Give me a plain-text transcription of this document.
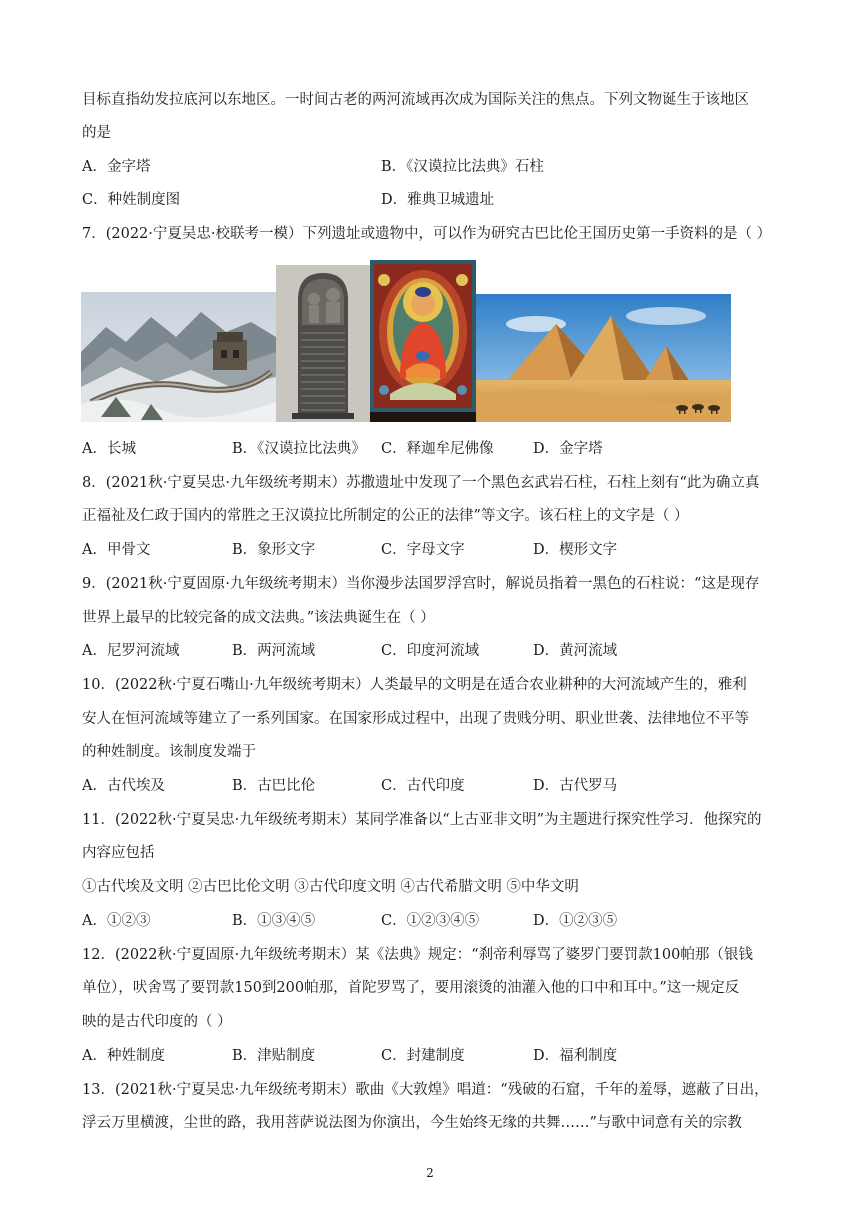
目标直指幼发拉底河以东地区。一时间古老的两河流域再次成为国际关注的焦点。下列文物诞生于该地区
的是
A．金字塔	B．《汉谟拉比法典》石柱
C．种姓制度图	D．雅典卫城遗址
7．(2022·宁夏吴忠·校联考一模）下列遗址或遗物中，可以作为研究古巴比伦王国历史第一手资料的是（ ）
A．长城	B．《汉谟拉比法典》 C．释迦牟尼佛像	D．金字塔
8．(2021秋·宁夏吴忠·九年级统考期末）苏撒遗址中发现了一个黑色玄武岩石柱，石柱上刻有“此为确立真
正福祉及仁政于国内的常胜之王汉谟拉比所制定的公正的法律”等文字。该石柱上的文字是（ ）
A．甲骨文	B．象形文字	C．字母文字	D．楔形文字
9．(2021秋·宁夏固原·九年级统考期末）当你漫步法国罗浮宫时，解说员指着一黑色的石柱说：“这是现存
世界上最早的比较完备的成文法典。”该法典诞生在（ ）
A．尼罗河流域	B．两河流域	C．印度河流域	D．黄河流域
10．(2022秋·宁夏石嘴山·九年级统考期末）人类最早的文明是在适合农业耕种的大河流域产生的，雅利
安人在恒河流域等建立了一系列国家。在国家形成过程中，出现了贵贱分明、职业世袭、法律地位不平等
的种姓制度。该制度发端于
A．古代埃及	B．古巴比伦	C．古代印度	D．古代罗马
11．(2022秋·宁夏吴忠·九年级统考期末）某同学准备以“上古亚非文明”为主题进行探究性学习．他探究的
内容应包括
①古代埃及文明 ②古巴比伦文明 ③古代印度文明 ④古代希腊文明 ⑤中华文明
A．①②③	B．①③④⑤	C．①②③④⑤	D．①②③⑤
12．(2022秋·宁夏固原·九年级统考期末）某《法典》规定：“刹帝利辱骂了婆罗门要罚款100帕那（银钱
单位），吠舍骂了要罚款150到200帕那，首陀罗骂了，要用滚烫的油灌入他的口中和耳中。”这一规定反
映的是古代印度的（ ）
A．种姓制度	B．津贴制度	C．封建制度	D．福利制度
13．(2021秋·宁夏吴忠·九年级统考期末）歌曲《大敦煌》唱道：“残破的石窟，千年的羞辱，遮蔽了日出，
浮云万里横渡，尘世的路，我用菩萨说法图为你演出，今生始终无缘的共舞……”与歌中词意有关的宗教
2
